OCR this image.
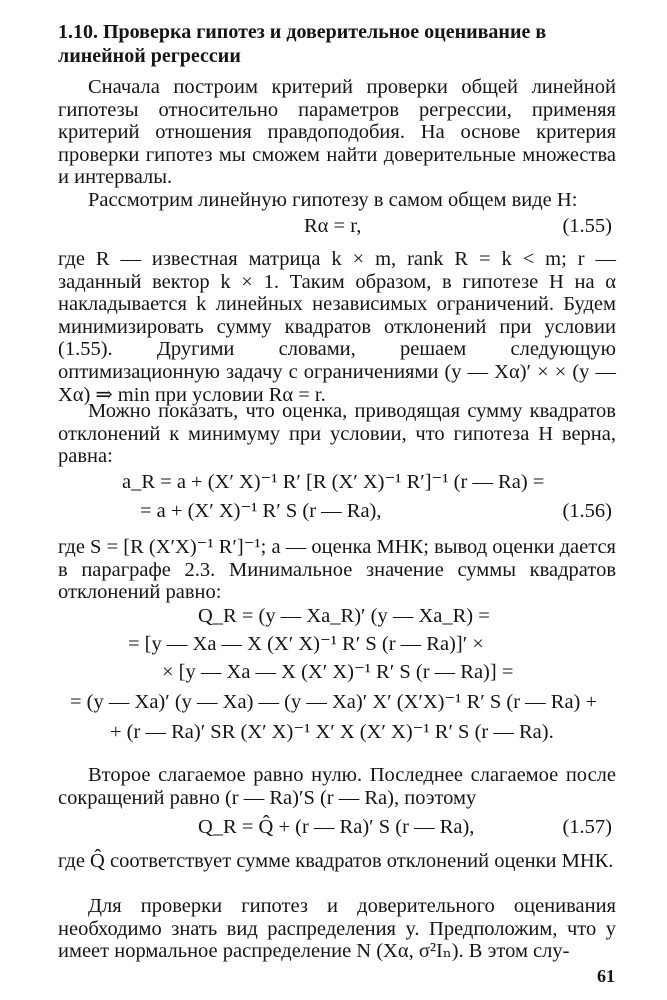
1.10. Проверка гипотез и доверительное оценивание в линейной регрессии
Сначала построим критерий проверки общей линейной гипотезы относительно параметров регрессии, применяя критерий отношения правдоподобия. На основе критерия проверки гипотез мы сможем найти доверительные множества и интервалы.
Рассмотрим линейную гипотезу в самом общем виде H:
Rα = r,	(1.55)
где R — известная матрица k × m, rank R = k < m; r — заданный вектор k × 1. Таким образом, в гипотезе H на α накладывается k линейных независимых ограничений. Будем минимизировать сумму квадратов отклонений при условии (1.55). Другими словами, решаем следующую оптимизационную задачу с ограничениями (y — Xα)′ × × (y — Xα) ⇒ min при условии Rα = r.
Можно показать, что оценка, приводящая сумму квадратов отклонений к минимуму при условии, что гипотеза H верна, равна:
a_R = a + (X′ X)⁻¹ R′ [R (X′ X)⁻¹ R′]⁻¹ (r — Ra) =
= a + (X′ X)⁻¹ R′ S (r — Ra),	(1.56)
где S = [R (X′X)⁻¹ R′]⁻¹; a — оценка МНК; вывод оценки дается в параграфе 2.3. Минимальное значение суммы квадратов отклонений равно:
Q_R = (y — Xa_R)′ (y — Xa_R) =
= [y — Xa — X (X′ X)⁻¹ R′ S (r — Ra)]′ ×
× [y — Xa — X (X′ X)⁻¹ R′ S (r — Ra)] =
= (y — Xa)′ (y — Xa) — (y — Xa)′ X′ (X′X)⁻¹ R′ S (r — Ra) +
+ (r — Ra)′ SR (X′ X)⁻¹ X′ X (X′ X)⁻¹ R′ S (r — Ra).
Второе слагаемое равно нулю. Последнее слагаемое после сокращений равно (r — Ra)′S (r — Ra), поэтому
Q_R = Q̂ + (r — Ra)′ S (r — Ra),	(1.57)
где Q̂ соответствует сумме квадратов отклонений оценки МНК.
Для проверки гипотез и доверительного оценивания необходимо знать вид распределения y. Предположим, что y имеет нормальное распределение N (Xα, σ²Iₙ). В этом слу-
61
